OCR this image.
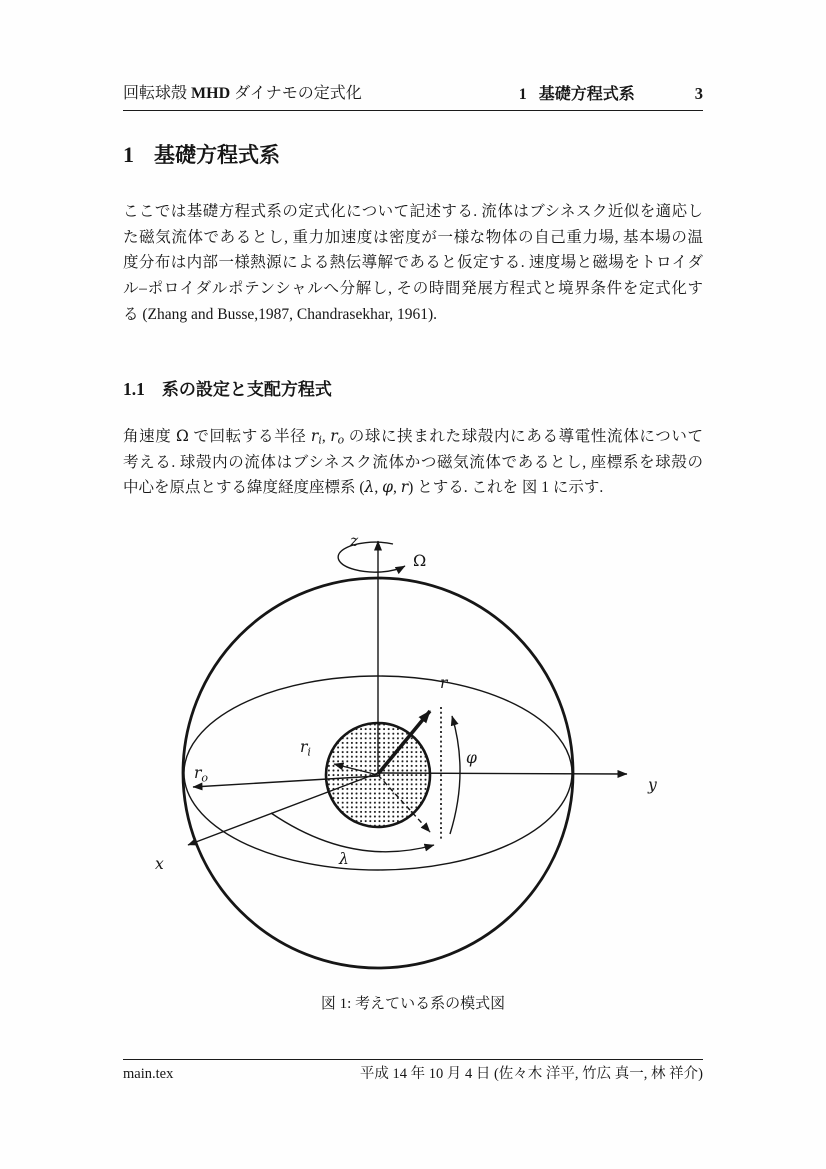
回転球殻 MHD ダイナモの定式化	1 基礎方程式系	3
1 基礎方程式系
ここでは基礎方程式系の定式化について記述する. 流体はブシネスク近似を適応し
た磁気流体であるとし, 重力加速度は密度が一様な物体の自己重力場, 基本場の温
度分布は内部一様熱源による熱伝導解であると仮定する. 速度場と磁場をトロイダ
ル–ポロイダルポテンシャルへ分解し, その時間発展方程式と境界条件を定式化す
る (Zhang and Busse,1987, Chandrasekhar, 1961).
1.1 系の設定と支配方程式
角速度 Ω で回転する半径 $r_i$, $r_o$ の球に挟まれた球殻内にある導電性流体について
考える. 球殻内の流体はブシネスク流体かつ磁気流体であるとし, 座標系を球殻の
中心を原点とする緯度経度座標系 (λ, φ, r) とする. これを 図 1 に示す.
z
Ω
r
$r_i$
$r_o$
φ
λ
x
y
図 1: 考えている系の模式図
main.tex	平成 14 年 10 月 4 日 (佐々木 洋平, 竹広 真一, 林 祥介)
